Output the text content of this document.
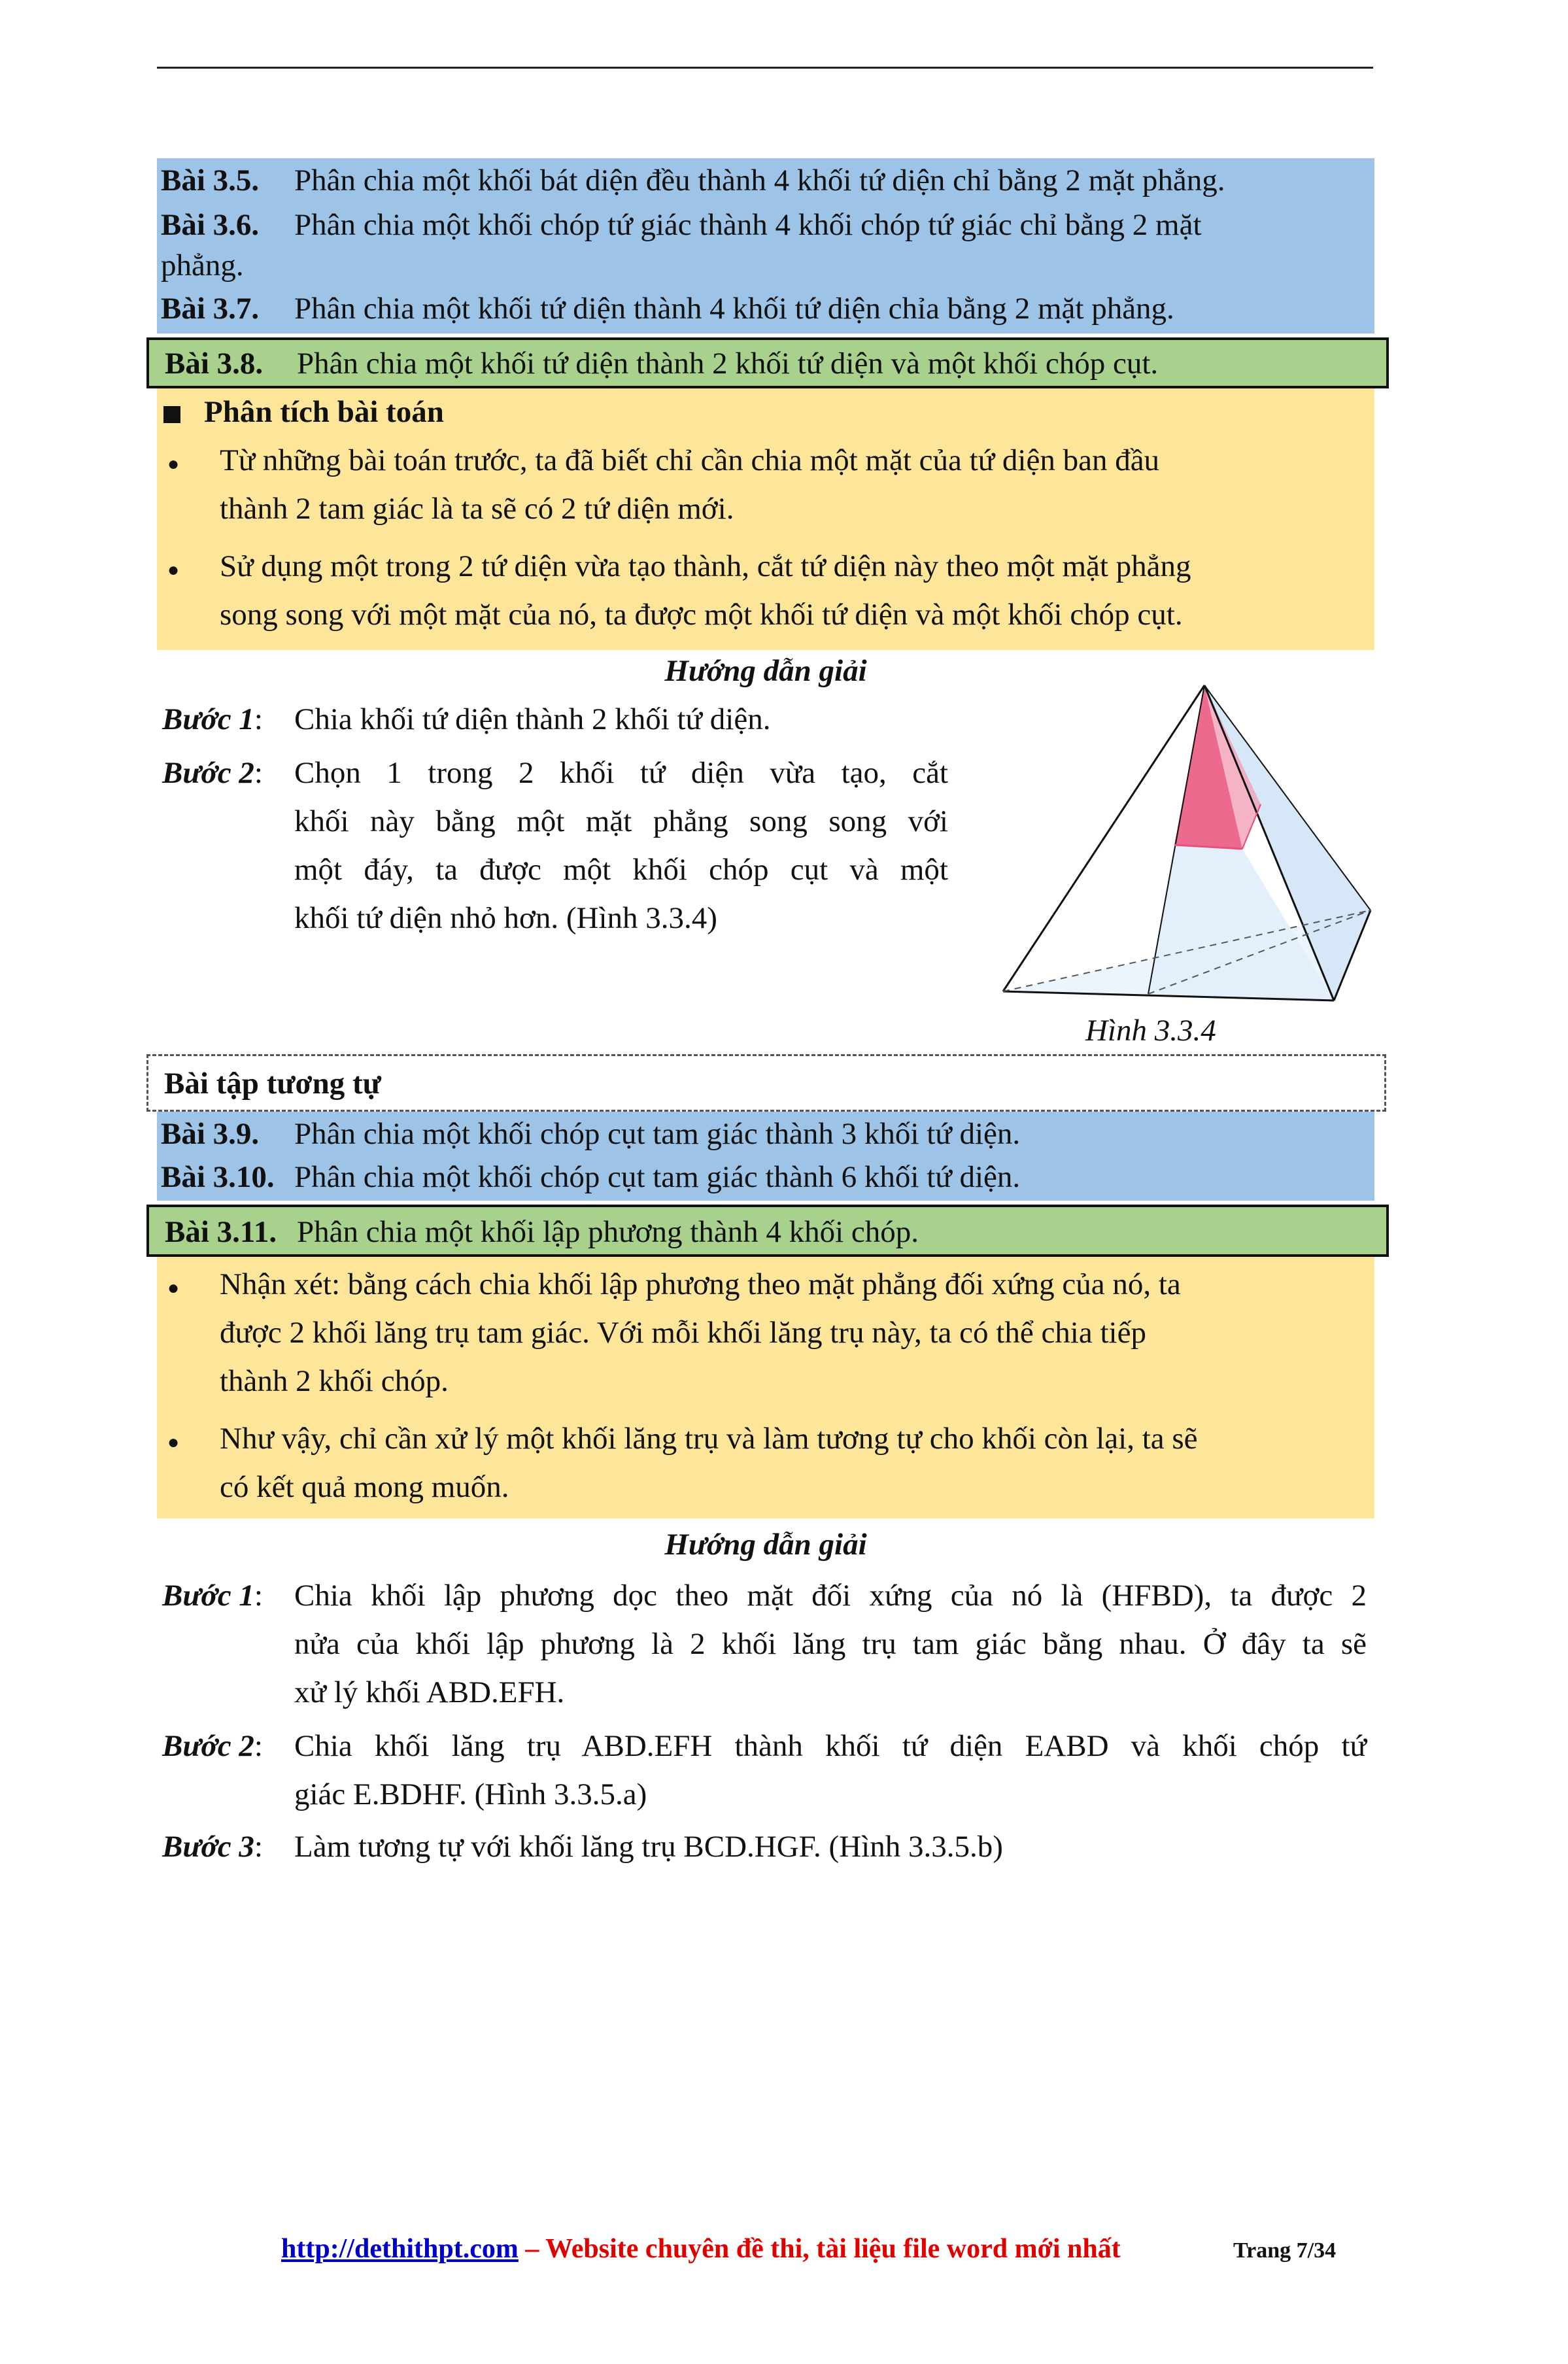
Bài 3.5. Phân chia một khối bát diện đều thành 4 khối tứ diện chỉ bằng 2 mặt phẳng.
Bài 3.6. Phân chia một khối chóp tứ giác thành 4 khối chóp tứ giác chỉ bằng 2 mặt
phẳng.
Bài 3.7. Phân chia một khối tứ diện thành 4 khối tứ diện chỉa bằng 2 mặt phẳng.
Bài 3.8. Phân chia một khối tứ diện thành 2 khối tứ diện và một khối chóp cụt.
Phân tích bài toán
● Từ những bài toán trước, ta đã biết chỉ cần chia một mặt của tứ diện ban đầu
thành 2 tam giác là ta sẽ có 2 tứ diện mới.
● Sử dụng một trong 2 tứ diện vừa tạo thành, cắt tứ diện này theo một mặt phẳng
song song với một mặt của nó, ta được một khối tứ diện và một khối chóp cụt.
Hướng dẫn giải
Bước 1: Chia khối tứ diện thành 2 khối tứ diện.
Bước 2: Chọn 1 trong 2 khối tứ diện vừa tạo, cắt
khối này bằng một mặt phẳng song song với
một đáy, ta được một khối chóp cụt và một
khối tứ diện nhỏ hơn. (Hình 3.3.4)
Hình 3.3.4
Bài tập tương tự
Bài 3.9. Phân chia một khối chóp cụt tam giác thành 3 khối tứ diện.
Bài 3.10. Phân chia một khối chóp cụt tam giác thành 6 khối tứ diện.
Bài 3.11. Phân chia một khối lập phương thành 4 khối chóp.
● Nhận xét: bằng cách chia khối lập phương theo mặt phẳng đối xứng của nó, ta
được 2 khối lăng trụ tam giác. Với mỗi khối lăng trụ này, ta có thể chia tiếp
thành 2 khối chóp.
● Như vậy, chỉ cần xử lý một khối lăng trụ và làm tương tự cho khối còn lại, ta sẽ
có kết quả mong muốn.
Hướng dẫn giải
Bước 1: Chia khối lập phương dọc theo mặt đối xứng của nó là (HFBD), ta được 2
nửa của khối lập phương là 2 khối lăng trụ tam giác bằng nhau. Ở đây ta sẽ
xử lý khối ABD.EFH.
Bước 2: Chia khối lăng trụ ABD.EFH thành khối tứ diện EABD và khối chóp tứ
giác E.BDHF. (Hình 3.3.5.a)
Bước 3: Làm tương tự với khối lăng trụ BCD.HGF. (Hình 3.3.5.b)
http://dethithpt.com – Website chuyên đề thi, tài liệu file word mới nhất	Trang 7/34
